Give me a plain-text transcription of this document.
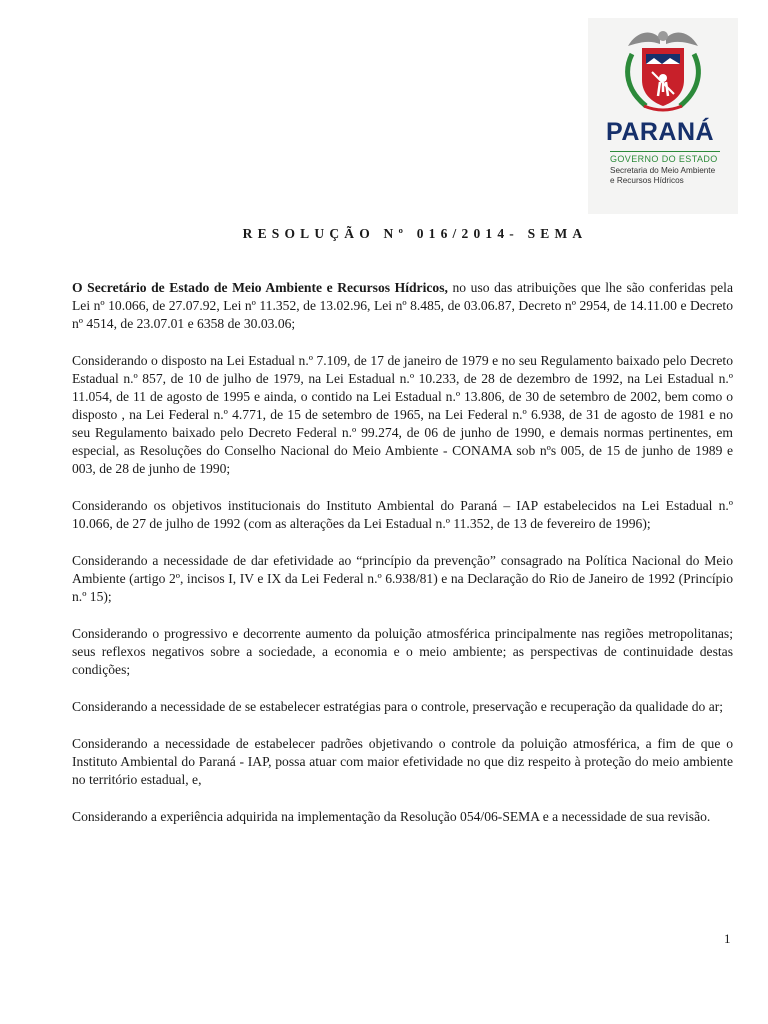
PARANÁ
GOVERNO DO ESTADO
Secretaria do Meio Ambiente
e Recursos Hídricos
RESOLUÇÃO Nº 016/2014- SEMA

O Secretário de Estado de Meio Ambiente e Recursos Hídricos, no uso das atribuições que lhe são conferidas pela Lei nº 10.066, de 27.07.92, Lei nº 11.352, de 13.02.96, Lei nº 8.485, de 03.06.87, Decreto nº 2954, de 14.11.00 e Decreto nº 4514, de 23.07.01 e 6358 de 30.03.06;

Considerando o disposto na Lei Estadual n.º 7.109, de 17 de janeiro de 1979 e no seu Regulamento baixado pelo Decreto Estadual n.º 857, de 10 de julho de 1979, na Lei Estadual n.º 10.233, de 28 de dezembro de 1992, na Lei Estadual n.º 11.054, de 11 de agosto de 1995 e ainda, o contido na Lei Estadual n.º 13.806, de 30 de setembro de 2002, bem como o disposto , na Lei Federal n.º 4.771, de 15 de setembro de 1965, na Lei Federal n.º 6.938, de 31 de agosto de 1981 e no seu Regulamento baixado pelo Decreto Federal n.º 99.274, de 06 de junho de 1990, e demais normas pertinentes, em especial, as Resoluções do Conselho Nacional do Meio Ambiente - CONAMA sob nºs 005, de 15 de junho de 1989 e 003, de 28 de junho de 1990;

Considerando os objetivos institucionais do Instituto Ambiental do Paraná – IAP estabelecidos na Lei Estadual n.º 10.066, de 27 de julho de 1992 (com as alterações da Lei Estadual n.º 11.352, de 13 de fevereiro de 1996);

Considerando a necessidade de dar efetividade ao “princípio da prevenção” consagrado na Política Nacional do Meio Ambiente (artigo 2º, incisos I, IV e IX da Lei Federal n.º 6.938/81) e na Declaração do Rio de Janeiro de 1992 (Princípio n.º 15);

Considerando o progressivo e decorrente aumento da poluição atmosférica principalmente nas regiões metropolitanas; seus reflexos negativos sobre a sociedade, a economia e o meio ambiente; as perspectivas de continuidade destas condições;

Considerando a necessidade de se estabelecer estratégias para o controle, preservação e recuperação da qualidade do ar;

Considerando a necessidade de estabelecer padrões objetivando o controle da poluição atmosférica, a fim de que o Instituto Ambiental do Paraná - IAP, possa atuar com maior efetividade no que diz respeito à proteção do meio ambiente no território estadual, e,

Considerando a experiência adquirida na implementação da Resolução 054/06-SEMA e a necessidade de sua revisão.

1
